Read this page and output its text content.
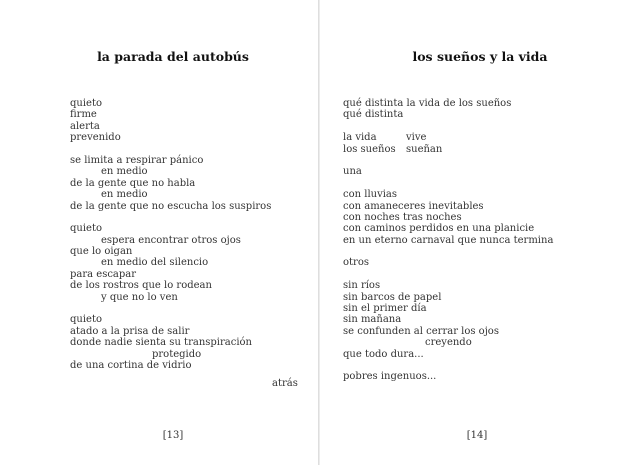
la parada del autobús
quieto
firme
alerta
prevenido
se limita a respirar pánico
en medio
de la gente que no habla
en medio
de la gente que no escucha los suspiros
quieto
espera encontrar otros ojos
que lo oigan
en medio del silencio
para escapar
de los rostros que lo rodean
y que no lo ven
quieto
atado a la prisa de salir
donde nadie sienta su transpiración
protegido
de una cortina de vidrio
atrás
[13]
los sueños y la vida
qué distinta la vida de los sueños
qué distinta
la vida	vive
los sueños sueñan
una
con lluvias
con amaneceres inevitables
con noches tras noches
con caminos perdidos en una planicie
en un eterno carnaval que nunca termina
otros
sin ríos
sin barcos de papel
sin el primer día
sin mañana
se confunden al cerrar los ojos
creyendo
que todo dura...
pobres ingenuos...
[14]
